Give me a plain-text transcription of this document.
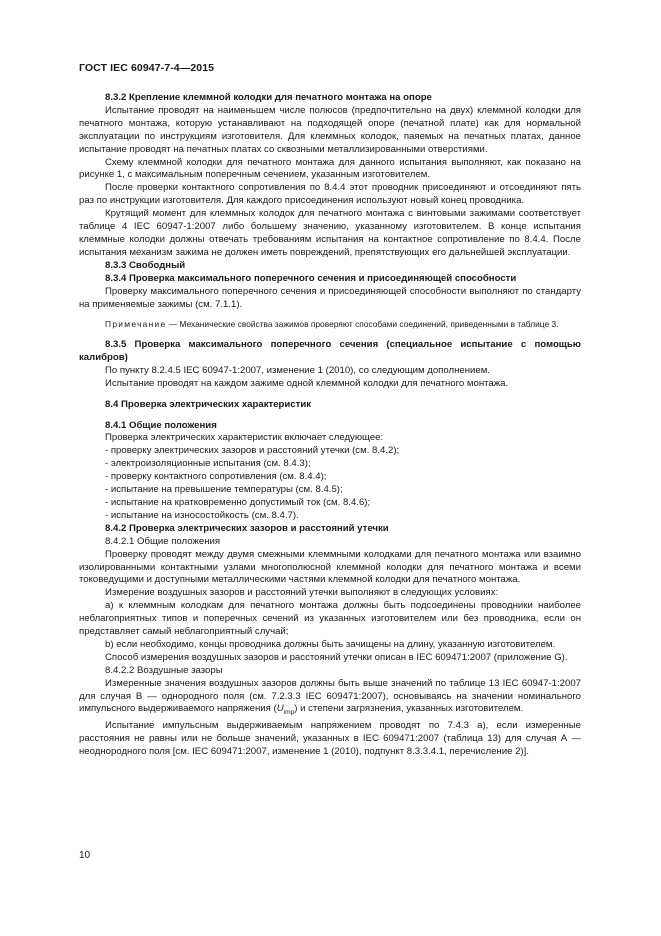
ГОСТ IEC 60947-7-4—2015

8.3.2 Крепление клеммной колодки для печатного монтажа на опоре

Испытание проводят на наименьшем числе полюсов (предпочтительно на двух) клеммной колодки для печатного монтажа, которую устанавливают на подходящей опоре (печатной плате) как для нормальной эксплуатации по инструкциям изготовителя. Для клеммных колодок, паяемых на печатных платах, данное испытание проводят на печатных платах со сквозными металлизированными отверстиями.

Схему клеммной колодки для печатного монтажа для данного испытания выполняют, как показано на рисунке 1, с максимальным поперечным сечением, указанным изготовителем.

После проверки контактного сопротивления по 8.4.4 этот проводник присоединяют и отсоединяют пять раз по инструкции изготовителя. Для каждого присоединения используют новый конец проводника.

Крутящий момент для клеммных колодок для печатного монтажа с винтовыми зажимами соответствует таблице 4 IEC 60947-1:2007 либо большему значению, указанному изготовителем. В конце испытания клеммные колодки должны отвечать требованиям испытания на контактное сопротивление по 8.4.4. После испытания механизм зажима не должен иметь повреждений, препятствующих его дальнейшей эксплуатации.

8.3.3 Свободный

8.3.4 Проверка максимального поперечного сечения и присоединяющей способности

Проверку максимального поперечного сечения и присоединяющей способности выполняют по стандарту на применяемые зажимы (см. 7.1.1).

Примечание — Механические свойства зажимов проверяют способами соединений, приведенными в таблице 3.

8.3.5 Проверка максимального поперечного сечения (специальное испытание с помощью калибров)

По пункту 8.2.4.5 IEC 60947-1:2007, изменение 1 (2010), со следующим дополнением.

Испытание проводят на каждом зажиме одной клеммной колодки для печатного монтажа.

8.4 Проверка электрических характеристик

8.4.1 Общие положения

Проверка электрических характеристик включает следующее:

- проверку электрических зазоров и расстояний утечки (см. 8.4.2);

- электроизоляционные испытания (см. 8.4.3);

- проверку контактного сопротивления (см. 8.4.4);

- испытание на превышение температуры (см. 8.4.5);

- испытание на кратковременно допустимый ток (см. 8.4.6);

- испытание на износостойкость (см. 8.4.7).

8.4.2 Проверка электрических зазоров и расстояний утечки

8.4.2.1 Общие положения

Проверку проводят между двумя смежными клеммными колодками для печатного монтажа или взаимно изолированными контактными узлами многополюсной клеммной колодки для печатного монтажа и всеми токоведущими и доступными металлическими частями клеммной колодки для печатного монтажа.

Измерение воздушных зазоров и расстояний утечки выполняют в следующих условиях:

а) к клеммным колодкам для печатного монтажа должны быть подсоединены проводники наиболее неблагоприятных типов и поперечных сечений из указанных изготовителем или без проводника, если он представляет самый неблагоприятный случай;

b) если необходимо, концы проводника должны быть зачищены на длину, указанную изготовителем.

Способ измерения воздушных зазоров и расстояний утечки описан в IEC 609471:2007 (приложение G).

8.4.2.2 Воздушные зазоры

Измеренные значения воздушных зазоров должны быть выше значений по таблице 13 IEC 60947-1:2007 для случая В — однородного поля (см. 7.2.3.3 IEC 609471:2007), основываясь на значении номинального импульсного выдерживаемого напряжения $(U_{imp})$ и степени загрязнения, указанных изготовителем.

Испытание импульсным выдерживаемым напряжением проводят по 7.4.3 а), если измеренные расстояния не равны или не больше значений, указанных в IEC 609471:2007 (таблица 13) для случая А — неоднородного поля [см. IEC 609471:2007, изменение 1 (2010), подпункт 8.3.3.4.1, перечисление 2)].

10
